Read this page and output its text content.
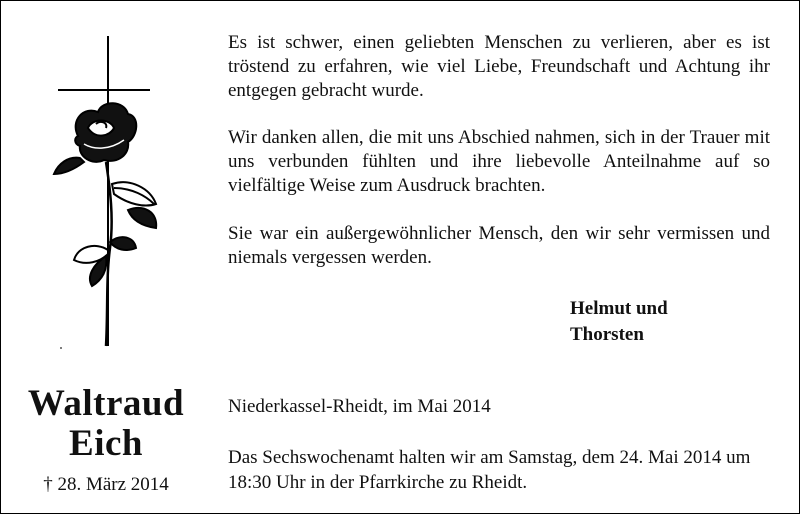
Waltraud
Eich
† 28. März 2014
Es ist schwer, einen geliebten Menschen zu verlieren, aber es ist tröstend zu erfahren, wie viel Liebe, Freundschaft und Achtung ihr entgegen gebracht wurde.
Wir danken allen, die mit uns Abschied nahmen, sich in der Trauer mit uns verbunden fühlten und ihre liebevolle Anteilnahme auf so vielfältige Weise zum Ausdruck brachten.
Sie war ein außergewöhnlicher Mensch, den wir sehr vermissen und niemals vergessen werden.
Helmut und
Thorsten
Niederkassel-Rheidt, im Mai 2014
Das Sechswochenamt halten wir am Samstag, dem 24. Mai 2014 um 18:30 Uhr in der Pfarrkirche zu Rheidt.
